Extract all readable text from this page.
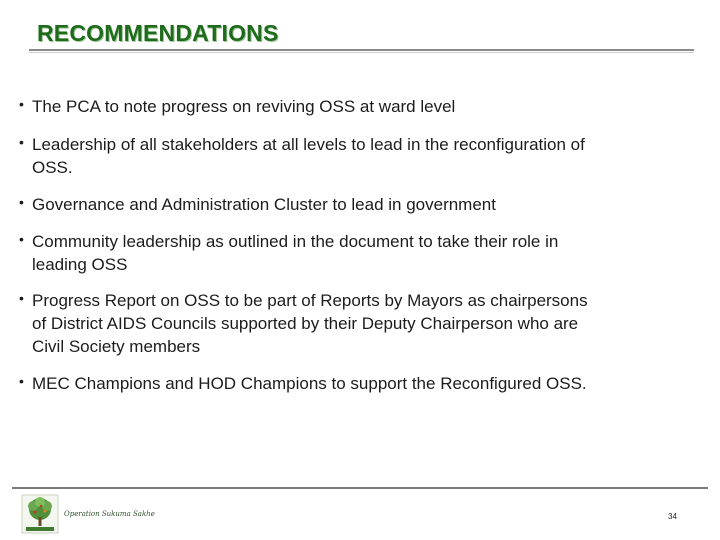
RECOMMENDATIONS
• The PCA to note progress on reviving OSS at ward level
• Leadership of all stakeholders at all levels to lead in the reconfiguration of
OSS.
• Governance and Administration Cluster to lead in government
• Community leadership as outlined in the document to take their role in
leading OSS
• Progress Report on OSS to be part of Reports by Mayors as chairpersons
of District AIDS Councils supported by their Deputy Chairperson who are
Civil Society members
• MEC Champions and HOD Champions to support the Reconfigured OSS.
Operation Sukuma Sakhe	34
